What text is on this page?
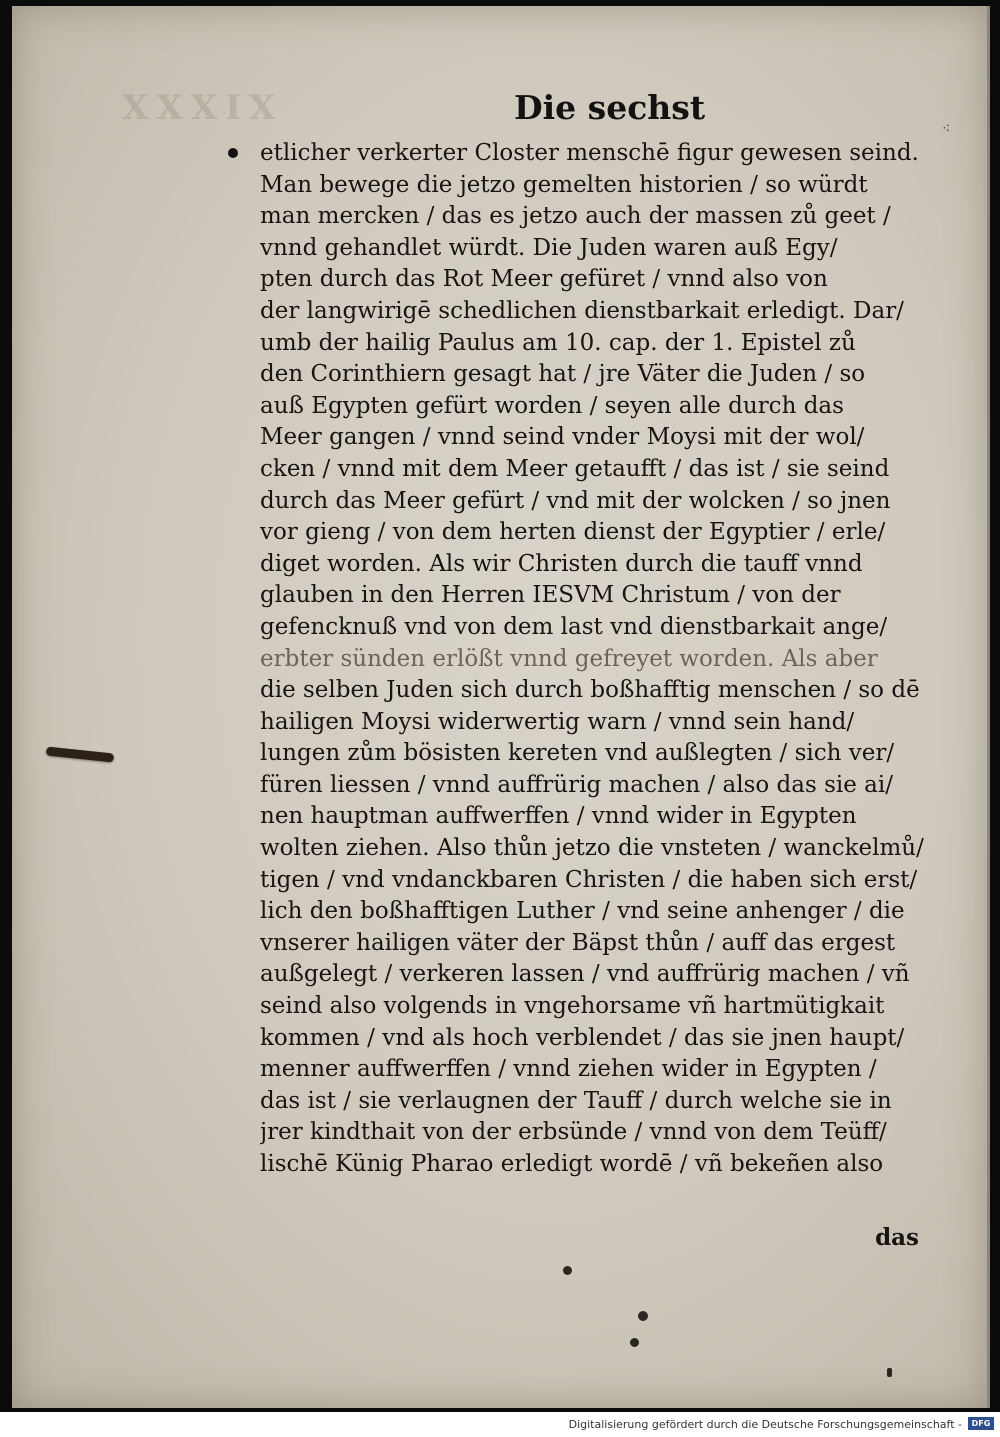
XXXIX	Die sechst
⁖
etlicher verkerter Closter menschē figur gewesen seind.
Man bewege die jetzo gemelten historien / so würdt
man mercken / das es jetzo auch der massen zů geet /
vnnd gehandlet würdt. Die Juden waren auß Egy/
pten durch das Rot Meer gefüret / vnnd also von
der langwirigē schedlichen dienstbarkait erledigt. Dar/
umb der hailig Paulus am 10. cap. der 1. Epistel zů
den Corinthiern gesagt hat / jre Väter die Juden / so
auß Egypten gefürt worden / seyen alle durch das
Meer gangen / vnnd seind vnder Moysi mit der wol/
cken / vnnd mit dem Meer getaufft / das ist / sie seind
durch das Meer gefürt / vnd mit der wolcken / so jnen
vor gieng / von dem herten dienst der Egyptier / erle/
diget worden. Als wir Christen durch die tauff vnnd
glauben in den Herren IESVM Christum / von der
gefencknuß vnd von dem last vnd dienstbarkait ange/
erbter sünden erlößt vnnd gefreyet worden. Als aber
die selben Juden sich durch boßhafftig menschen / so dē
hailigen Moysi widerwertig warn / vnnd sein hand/
lungen zům bösisten kereten vnd außlegten / sich ver/
füren liessen / vnnd auffrürig machen / also das sie ai/
nen hauptman auffwerffen / vnnd wider in Egypten
wolten ziehen. Also thůn jetzo die vnsteten / wanckelmů/
tigen / vnd vndanckbaren Christen / die haben sich erst/
lich den boßhafftigen Luther / vnd seine anhenger / die
vnserer hailigen väter der Bäpst thůn / auff das ergest
außgelegt / verkeren lassen / vnd auffrürig machen / vñ
seind also volgends in vngehorsame vñ hartmütigkait
kommen / vnd als hoch verblendet / das sie jnen haupt/
menner auffwerffen / vnnd ziehen wider in Egypten /
das ist / sie verlaugnen der Tauff / durch welche sie in
jrer kindthait von der erbsünde / vnnd von dem Teüff/
lischē Künig Pharao erledigt wordē / vñ bekeñen also
das
Digitalisierung gefördert durch die Deutsche Forschungsgemeinschaft -	DFG
